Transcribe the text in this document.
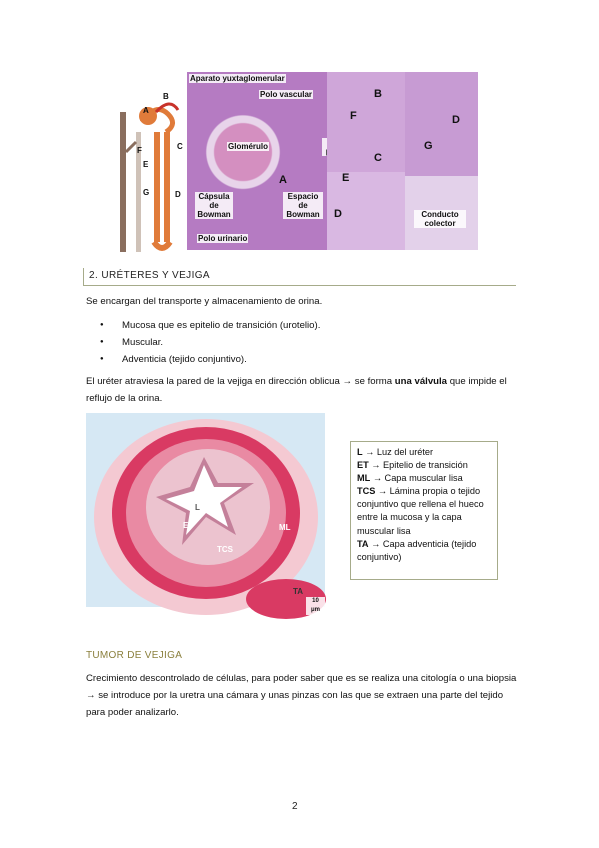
A
B
C
D
E
F
G
Aparato yuxtaglomerular
Polo vascular
Glomérulo
Cápsula de Bowman
A
Espacio de Bowman
Polo urinario
B
F
C
E
D
D
G
Conducto colector
2. URÉTERES Y VEJIGA
Se encargan del transporte y almacenamiento de orina.
● Mucosa que es epitelio de transición (urotelio).
● Muscular.
● Adventicia (tejido conjuntivo).
El uréter atraviesa la pared de la vejiga en dirección oblicua → se forma una válvula que impide el reflujo de la orina.
L
ET	ML
TCS
TA
10 μm
L → Luz del uréter
ET → Epitelio de transición
ML → Capa muscular lisa
TCS → Lámina propia o tejido conjuntivo que rellena el hueco entre la mucosa y la capa muscular lisa
TA → Capa adventicia (tejido conjuntivo)
TUMOR DE VEJIGA
Crecimiento descontrolado de células, para poder saber que es se realiza una citología o una biopsia → se introduce por la uretra una cámara y unas pinzas con las que se extraen una parte del tejido para poder analizarlo.
2
